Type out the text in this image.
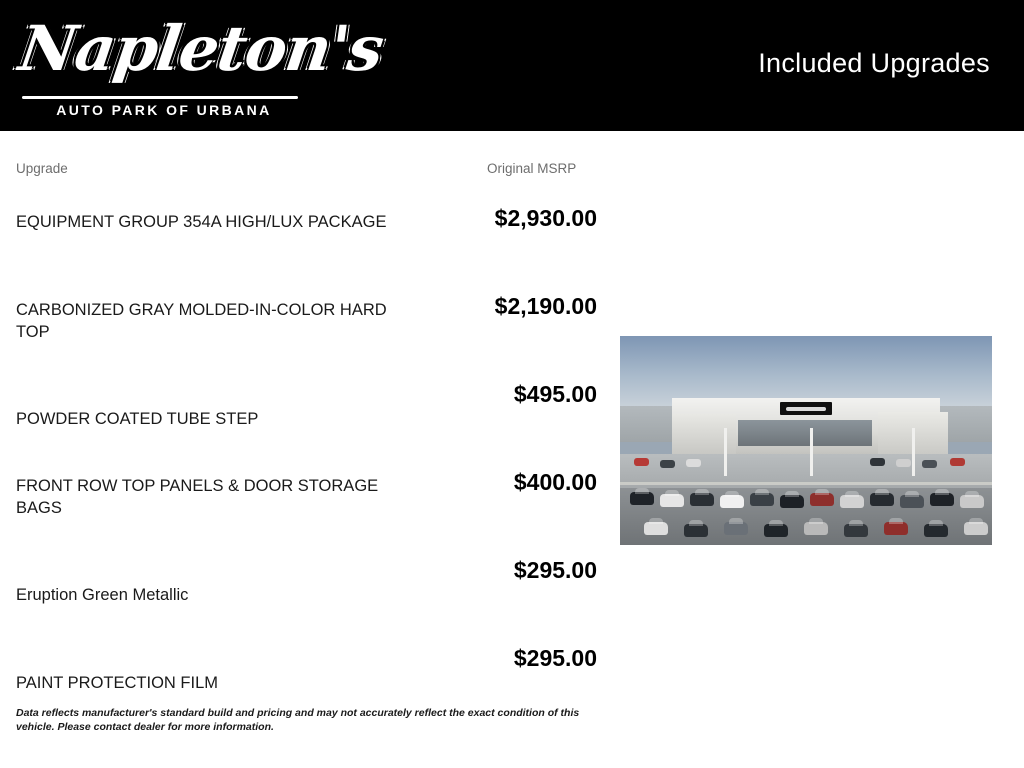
Napleton's
AUTO PARK OF URBANA
Included Upgrades
Upgrade	Original MSRP
EQUIPMENT GROUP 354A HIGH/LUX PACKAGE	$2,930.00
CARBONIZED GRAY MOLDED-IN-COLOR HARD TOP
$2,190.00
POWDER COATED TUBE STEP
$495.00
FRONT ROW TOP PANELS & DOOR STORAGE BAGS
$400.00
Eruption Green Metallic
$295.00
PAINT PROTECTION FILM
$295.00
Data reflects manufacturer's standard build and pricing and may not accurately reflect the exact condition of this vehicle. Please contact dealer for more information.
